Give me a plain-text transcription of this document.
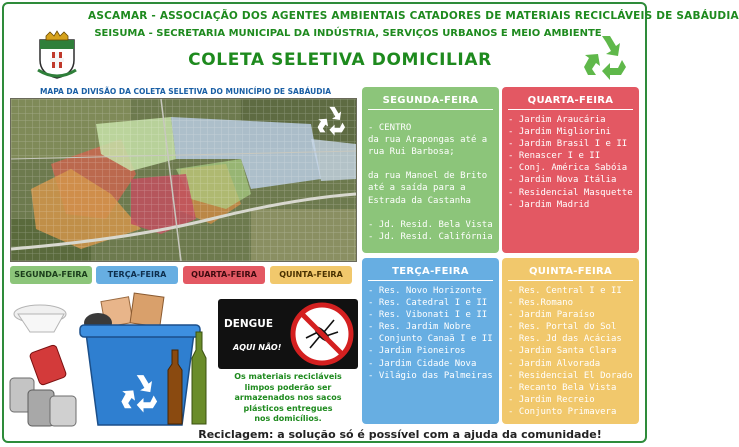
ASCAMAR - ASSOCIAÇÃO DOS AGENTES AMBIENTAIS CATADORES DE MATERIAIS RECICLÁVEIS DE SABÁUDIA
SEISUMA - SECRETARIA MUNICIPAL DA INDÚSTRIA, SERVIÇOS URBANOS E MEIO AMBIENTE
COLETA SELETIVA DOMICILIAR
MAPA DA DIVISÃO DA COLETA SELETIVA DO MUNICÍPIO DE SABÁUDIA
SEGUNDA-FEIRA	TERÇA-FEIRA	QUARTA-FEIRA	QUINTA-FEIRA
SEGUNDA-FEIRA
- CENTRO
da rua Arapongas até a
rua Rui Barbosa;

da rua Manoel de Brito
até a saída para a
Estrada da Castanha

- Jd. Resid. Bela Vista
- Jd. Resid. Califórnia
QUARTA-FEIRA
- Jardim Araucária
- Jardim Migliorini
- Jardim Brasil I e II
- Renascer I e II
- Conj. América Sabóia
- Jardim Nova Itália
- Residencial Masquette
- Jardim Madrid
TERÇA-FEIRA
- Res. Novo Horizonte
- Res. Catedral I e II
- Res. Vibonati I e II
- Res. Jardim Nobre
- Conjunto Canaã I e II
- Jardim Pioneiros
- Jardim Cidade Nova
- Világio das Palmeiras
QUINTA-FEIRA
- Res. Central I e II
- Res.Romano
- Jardim Paraíso
- Res. Portal do Sol
- Res. Jd das Acácias
- Jardim Santa Clara
- Jardim Alvorada
- Residencial El Dorado
- Recanto Bela Vista
- Jardim Recreio
- Conjunto Primavera
DENGUE
AQUI NÃO!
Os materiais recicláveis
limpos poderão ser
armazenados nos sacos
plásticos entregues
nos domicílios.
Reciclagem: a solução só é possível com a ajuda da comunidade!
